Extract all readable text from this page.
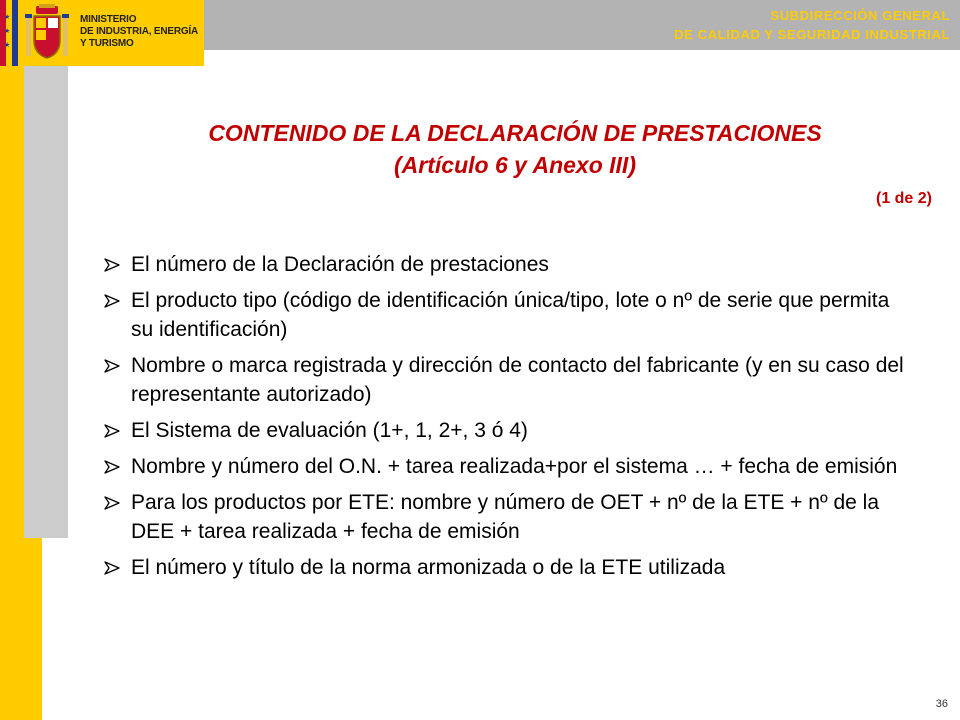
★
★
★
MINISTERIO
DE INDUSTRIA, ENERGÍA
Y TURISMO
SUBDIRECCIÓN GENERAL
DE CALIDAD Y SEGURIDAD INDUSTRIAL
CONTENIDO DE LA DECLARACIÓN DE PRESTACIONES
(Artículo 6 y Anexo III)
(1 de 2)
El número de la Declaración de prestaciones
El producto tipo (código de identificación única/tipo, lote o nº de serie que permita su identificación)
Nombre o marca registrada y dirección de contacto del fabricante (y en su caso del representante autorizado)
El Sistema de evaluación (1+, 1, 2+, 3 ó 4)
Nombre y número del O.N. + tarea realizada+por el sistema … + fecha de emisión
Para los productos por ETE: nombre y número de OET + nº de la ETE + nº de la DEE + tarea realizada + fecha de emisión
El número y título de la norma armonizada o de la ETE utilizada
36
